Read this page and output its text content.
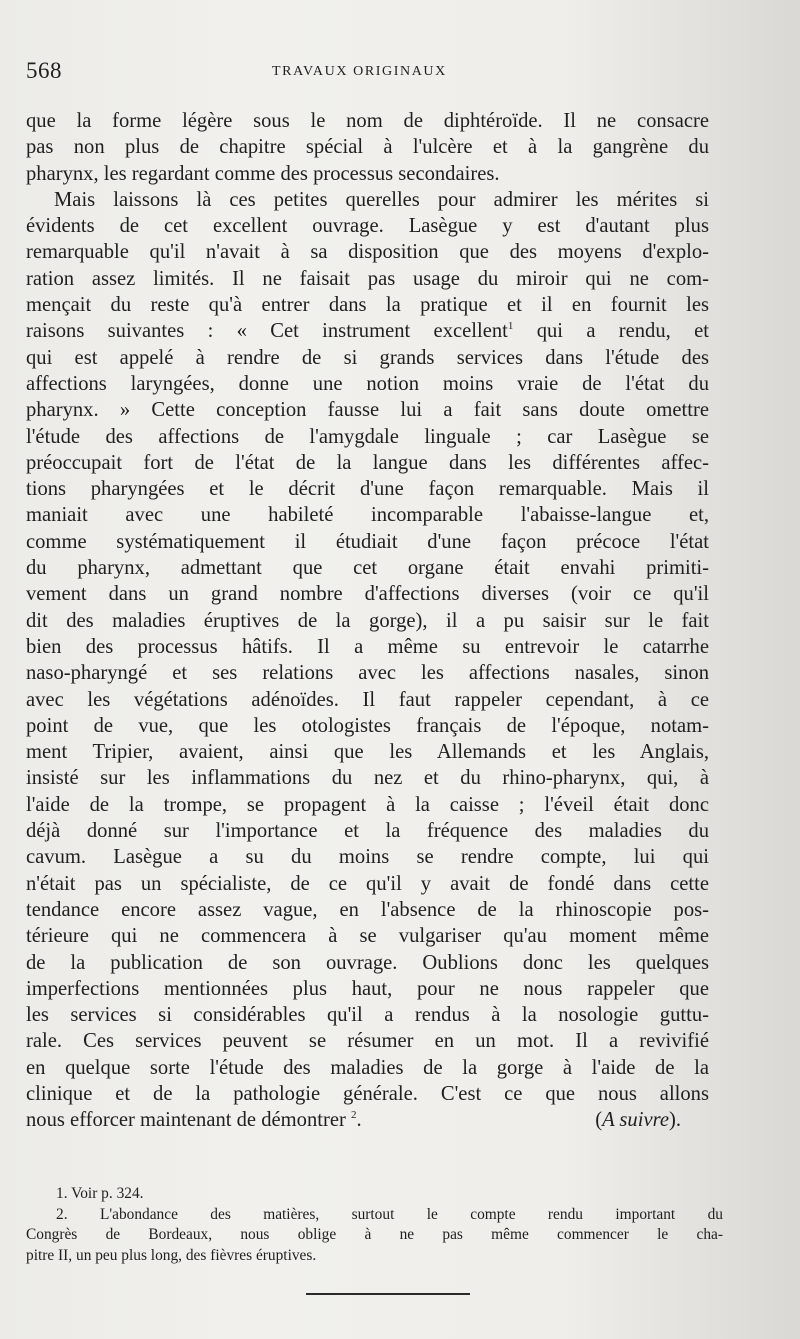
568	TRAVAUX ORIGINAUX
que la forme légère sous le nom de diphtéroïde. Il ne consacre
pas non plus de chapitre spécial à l'ulcère et à la gangrène du
pharynx, les regardant comme des processus secondaires.
Mais laissons là ces petites querelles pour admirer les mérites si
évidents de cet excellent ouvrage. Lasègue y est d'autant plus
remarquable qu'il n'avait à sa disposition que des moyens d'explo-
ration assez limités. Il ne faisait pas usage du miroir qui ne com-
mençait du reste qu'à entrer dans la pratique et il en fournit les
raisons suivantes : « Cet instrument excellent$^1$ qui a rendu, et
qui est appelé à rendre de si grands services dans l'étude des
affections laryngées, donne une notion moins vraie de l'état du
pharynx. » Cette conception fausse lui a fait sans doute omettre
l'étude des affections de l'amygdale linguale ; car Lasègue se
préoccupait fort de l'état de la langue dans les différentes affec-
tions pharyngées et le décrit d'une façon remarquable. Mais il
maniait avec une habileté incomparable l'abaisse-langue et,
comme systématiquement il étudiait d'une façon précoce l'état
du pharynx, admettant que cet organe était envahi primiti-
vement dans un grand nombre d'affections diverses (voir ce qu'il
dit des maladies éruptives de la gorge), il a pu saisir sur le fait
bien des processus hâtifs. Il a même su entrevoir le catarrhe
naso-pharyngé et ses relations avec les affections nasales, sinon
avec les végétations adénoïdes. Il faut rappeler cependant, à ce
point de vue, que les otologistes français de l'époque, notam-
ment Tripier, avaient, ainsi que les Allemands et les Anglais,
insisté sur les inflammations du nez et du rhino-pharynx, qui, à
l'aide de la trompe, se propagent à la caisse ; l'éveil était donc
déjà donné sur l'importance et la fréquence des maladies du
cavum. Lasègue a su du moins se rendre compte, lui qui
n'était pas un spécialiste, de ce qu'il y avait de fondé dans cette
tendance encore assez vague, en l'absence de la rhinoscopie pos-
térieure qui ne commencera à se vulgariser qu'au moment même
de la publication de son ouvrage. Oublions donc les quelques
imperfections mentionnées plus haut, pour ne nous rappeler que
les services si considérables qu'il a rendus à la nosologie guttu-
rale. Ces services peuvent se résumer en un mot. Il a revivifié
en quelque sorte l'étude des maladies de la gorge à l'aide de la
clinique et de la pathologie générale. C'est ce que nous allons
nous efforcer maintenant de démontrer $^2$.	(A suivre).
1. Voir p. 324.
2. L'abondance des matières, surtout le compte rendu important du
Congrès de Bordeaux, nous oblige à ne pas même commencer le cha-
pitre II, un peu plus long, des fièvres éruptives.
